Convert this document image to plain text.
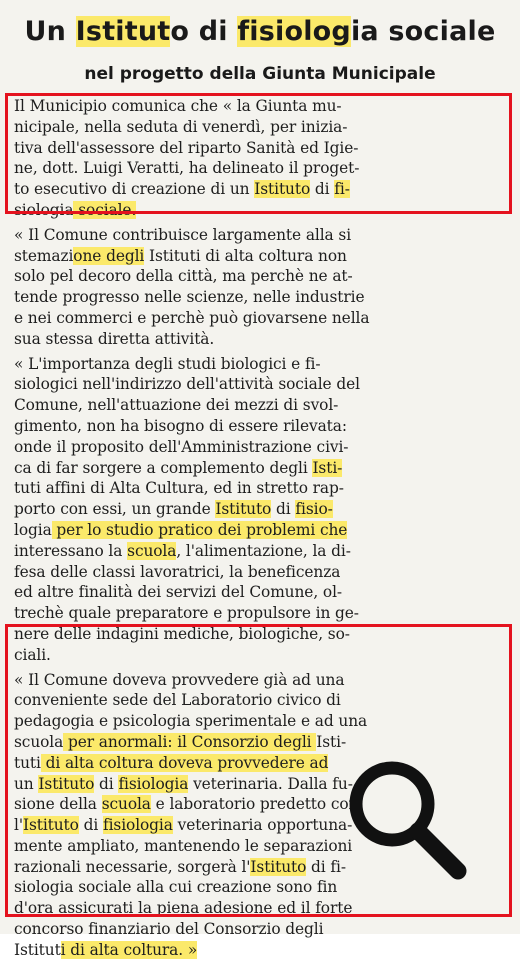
Un Istituto di fisiologia sociale
nel progetto della Giunta Municipale
Il Municipio comunica che « la Giunta mu-
nicipale, nella seduta di venerdì, per inizia-
tiva dell'assessore del riparto Sanità ed Igie-
ne, dott. Luigi Veratti, ha delineato il proget-
to esecutivo di creazione di un Istituto di fi-
siologia sociale.
« Il Comune contribuisce largamente alla si
stemazione degli Istituti di alta coltura non
solo pel decoro della città, ma perchè ne at-
tende progresso nelle scienze, nelle industrie
e nei commerci e perchè può giovarsene nella
sua stessa diretta attività.
« L'importanza degli studi biologici e fi-
siologici nell'indirizzo dell'attività sociale del
Comune, nell'attuazione dei mezzi di svol-
gimento, non ha bisogno di essere rilevata:
onde il proposito dell'Amministrazione civi-
ca di far sorgere a complemento degli Isti-
tuti affini di Alta Cultura, ed in stretto rap-
porto con essi, un grande Istituto di fisio-
logia per lo studio pratico dei problemi che
interessano la scuola, l'alimentazione, la di-
fesa delle classi lavoratrici, la beneficenza
ed altre finalità dei servizi del Comune, ol-
trechè quale preparatore e propulsore in ge-
nere delle indagini mediche, biologiche, so-
ciali.
« Il Comune doveva provvedere già ad una
conveniente sede del Laboratorio civico di
pedagogia e psicologia sperimentale e ad una
scuola per anormali: il Consorzio degli Isti-
tuti di alta coltura doveva provvedere ad
un Istituto di fisiologia veterinaria. Dalla fu-
sione della scuola e laboratorio predetto con
l'Istituto di fisiologia veterinaria opportuna-
mente ampliato, mantenendo le separazioni
razionali necessarie, sorgerà l'Istituto di fi-
siologia sociale alla cui creazione sono fin
d'ora assicurati la piena adesione ed il forte
concorso finanziario del Consorzio degli
Istituti di alta coltura. »
